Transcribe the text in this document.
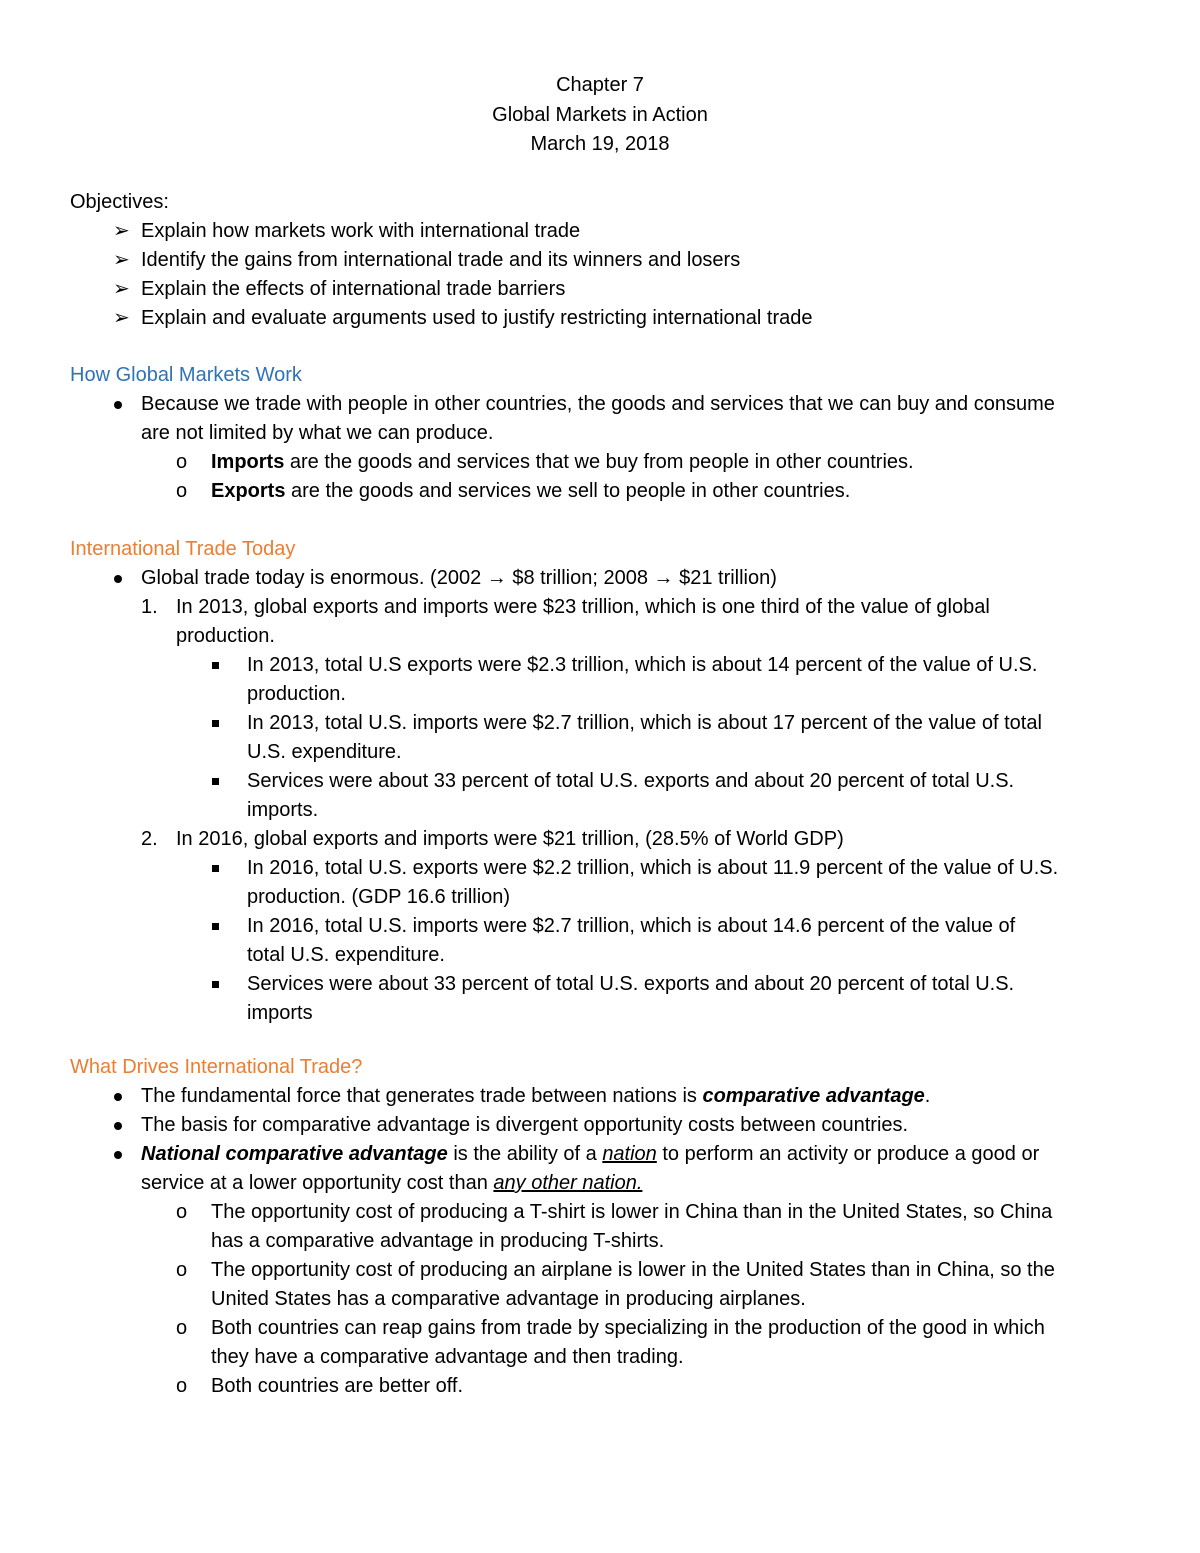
Chapter 7
Global Markets in Action
March 19, 2018
Objectives:
➢ Explain how markets work with international trade
➢ Identify the gains from international trade and its winners and losers
➢ Explain the effects of international trade barriers
➢ Explain and evaluate arguments used to justify restricting international trade
How Global Markets Work
Because we trade with people in other countries, the goods and services that we can buy and consume
are not limited by what we can produce.
o Imports are the goods and services that we buy from people in other countries.
o Exports are the goods and services we sell to people in other countries.
International Trade Today
Global trade today is enormous. (2002 → $8 trillion; 2008 → $21 trillion)
1. In 2013, global exports and imports were $23 trillion, which is one third of the value of global
production.
In 2013, total U.S exports were $2.3 trillion, which is about 14 percent of the value of U.S.
production.
In 2013, total U.S. imports were $2.7 trillion, which is about 17 percent of the value of total
U.S. expenditure.
Services were about 33 percent of total U.S. exports and about 20 percent of total U.S.
imports.
2. In 2016, global exports and imports were $21 trillion, (28.5% of World GDP)
In 2016, total U.S. exports were $2.2 trillion, which is about 11.9 percent of the value of U.S.
production. (GDP 16.6 trillion)
In 2016, total U.S. imports were $2.7 trillion, which is about 14.6 percent of the value of
total U.S. expenditure.
Services were about 33 percent of total U.S. exports and about 20 percent of total U.S.
imports
What Drives International Trade?
The fundamental force that generates trade between nations is comparative advantage.
The basis for comparative advantage is divergent opportunity costs between countries.
National comparative advantage is the ability of a nation to perform an activity or produce a good or
service at a lower opportunity cost than any other nation.
o The opportunity cost of producing a T-shirt is lower in China than in the United States, so China
has a comparative advantage in producing T-shirts.
o The opportunity cost of producing an airplane is lower in the United States than in China, so the
United States has a comparative advantage in producing airplanes.
o Both countries can reap gains from trade by specializing in the production of the good in which
they have a comparative advantage and then trading.
o Both countries are better off.
